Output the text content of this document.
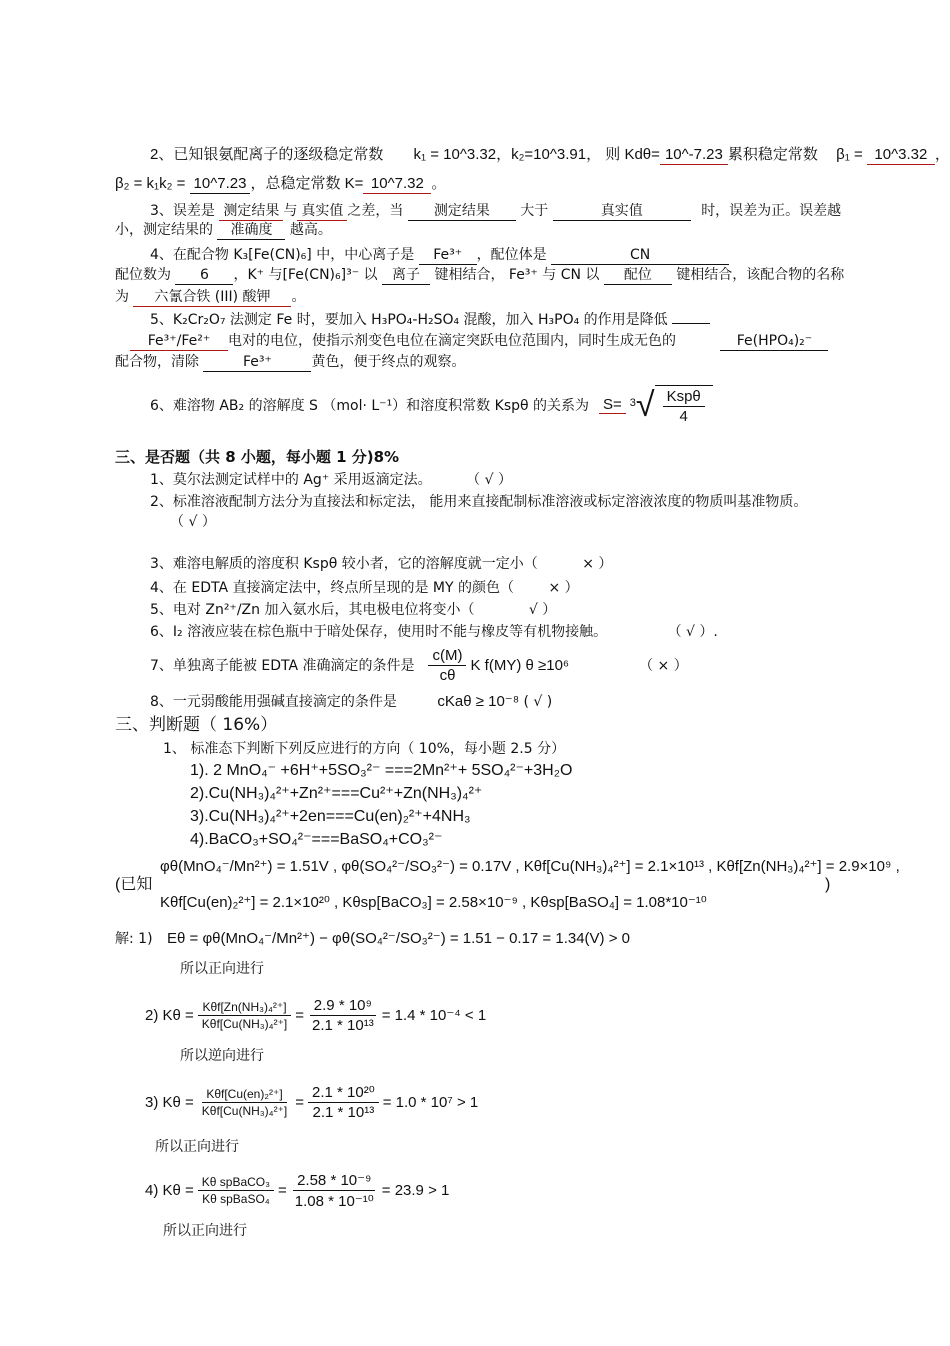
2、已知银氨配离子的逐级稳定常数 k₁ = 10^3.32，k₂=10^3.91， 则 Kdθ= 10^-7.23 累积稳定常数 β₁ = 10^3.32 ，
β₂ = k₁k₂ = 10^7.23 ，总稳定常数 K= 10^7.32 。
3、误差是 测定结果 与 真实值 之差，当 测定结果 大于	真实值	时，误差为正。误差越
小，测定结果的 准确度 越高。
4、在配合物 K₃[Fe(CN)₆] 中，中心离子是 Fe³⁺ ，配位体是	CN
配位数为 6 ，K⁺ 与[Fe(CN)₆]³⁻ 以 离子 键相结合， Fe³⁺ 与 CN 以 配位 键相结合，该配合物的名称
为 六氰合铁 (III) 酸钾 。
5、K₂Cr₂O₇ 法测定 Fe 时，要加入 H₃PO₄-H₂SO₄ 混酸，加入 H₃PO₄ 的作用是降低
Fe³⁺/Fe²⁺ 电对的电位，使指示剂变色电位在滴定突跃电位范围内，同时生成无色的	Fe(HPO₄)₂⁻
配合物，清除	Fe³⁺	黄色，便于终点的观察。
6、难溶物 AB₂ 的溶解度 S （mol· L⁻¹）和溶度积常数 Kspθ 的关系为 S= 3 √ $\frac{\text{Kspθ}}{4}$
三、是否题（共 8 小题，每小题 1 分)8%
1、莫尔法测定试样中的 Ag⁺ 采用返滴定法。 （ √ ）
2、标准溶液配制方法分为直接法和标定法， 能用来直接配制标准溶液或标定溶液浓度的物质叫基准物质。
（ √ ）
3、难溶电解质的溶度积 Kspθ 较小者，它的溶解度就一定小（	× ）
4、在 EDTA 直接滴定法中，终点所呈现的是 MY 的颜色（ × ）
5、电对 Zn²⁺/Zn 加入氨水后，其电极电位将变小（	√ ）
6、I₂ 溶液应装在棕色瓶中于暗处保存，使用时不能与橡皮等有机物接触。	（ √ ）.
7、单独离子能被 EDTA 准确滴定的条件是 $\frac{c(M)}{c\theta}$ K f(MY) θ ≥10⁶	（ × ）
8、一元弱酸能用强碱直接滴定的条件是	cKaθ ≥ 10⁻⁸ ( √ )
三、判断题（ 16%）
1、 标准态下判断下列反应进行的方向（ 10%，每小题 2.5 分）
1). 2 MnO₄⁻ +6H⁺+5SO₃²⁻ ===2Mn²⁺+ 5SO₄²⁻+3H₂O
2).Cu(NH₃)₄²⁺+Zn²⁺===Cu²⁺+Zn(NH₃)₄²⁺
3).Cu(NH₃)₄²⁺+2en===Cu(en)₂²⁺+4NH₃
4).BaCO₃+SO₄²⁻===BaSO₄+CO₃²⁻
(已知
φθ(MnO₄⁻/Mn²⁺) = 1.51V , φθ(SO₄²⁻/SO₃²⁻) = 0.17V , Kθf[Cu(NH₃)₄²⁺] = 2.1×10¹³ , Kθf[Zn(NH₃)₄²⁺] = 2.9×10⁹ ,
Kθf[Cu(en)₂²⁺] = 2.1×10²⁰ , Kθsp[BaCO₃] = 2.58×10⁻⁹ , Kθsp[BaSO₄] = 1.08*10⁻¹⁰
)
解: 1) Eθ = φθ(MnO₄⁻/Mn²⁺) − φθ(SO₄²⁻/SO₃²⁻) = 1.51 − 0.17 = 1.34(V) > 0
所以正向进行
2) $K\theta = \frac{\text{Kθf[Zn(NH₃)₄²⁺]}}{\text{Kθf[Cu(NH₃)₄²⁺]}} = \frac{\text{2.9 * 10⁹}}{\text{2.1 * 10¹³}} = 1.4 * 10^{-4} < 1$
所以逆向进行
3) $K\theta = \frac{\text{Kθf[Cu(en)₂²⁺]}}{\text{Kθf[Cu(NH₃)₄²⁺]}} = \frac{\text{2.1 * 10²⁰}}{\text{2.1 * 10¹³}} = 1.0 * 10^7 > 1$
所以正向进行
4) $K\theta = \frac{\text{Kθ spBaCO₃}}{\text{Kθ spBaSO₄}} = \frac{\text{2.58 * 10⁻⁹}}{\text{1.08 * 10⁻¹⁰}} = 23.9 > 1$
所以正向进行
